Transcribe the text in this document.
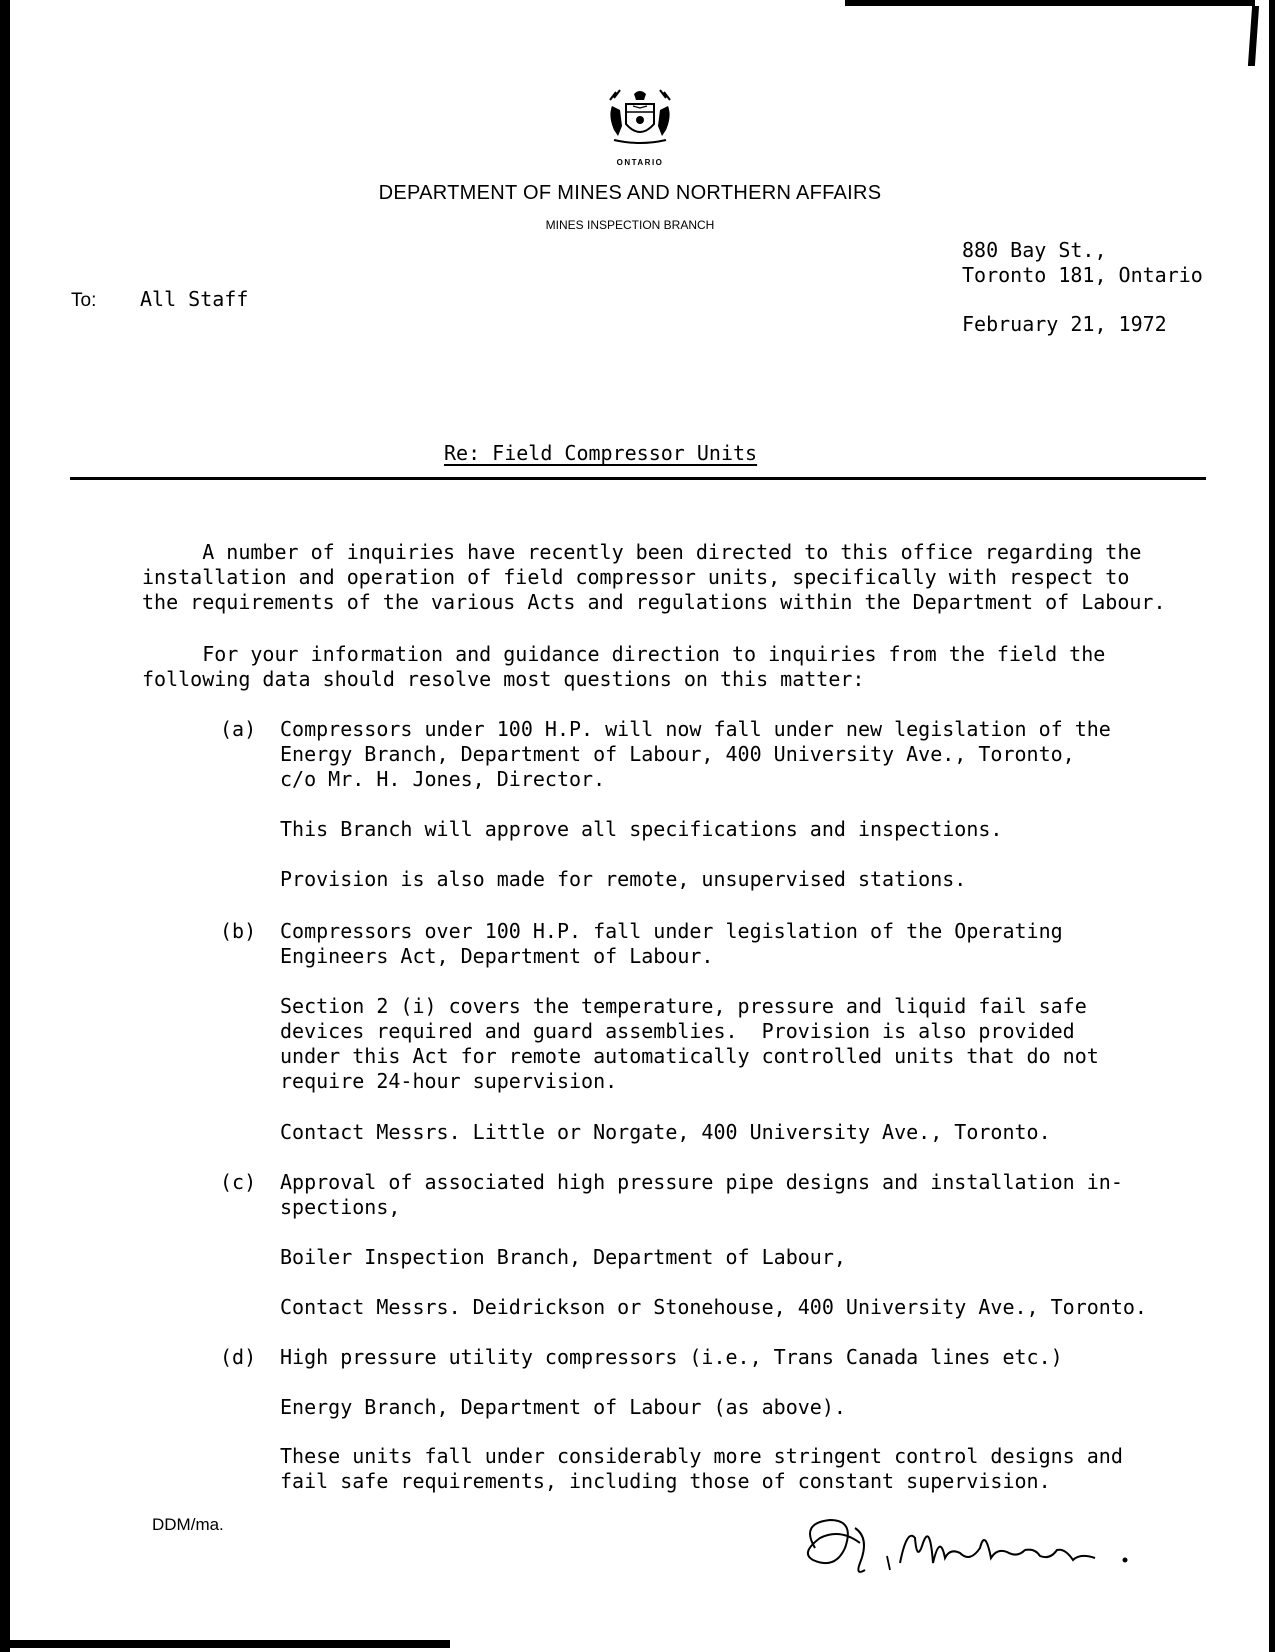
ONTARIO
DEPARTMENT OF MINES AND NORTHERN AFFAIRS
MINES INSPECTION BRANCH
880 Bay St.,
Toronto 181, Ontario
To: All Staff
February 21, 1972
Re: Field Compressor Units
A number of inquiries have recently been directed to this office regarding the
installation and operation of field compressor units, specifically with respect to
the requirements of the various Acts and regulations within the Department of Labour.
For your information and guidance direction to inquiries from the field the
following data should resolve most questions on this matter:
(a) Compressors under 100 H.P. will now fall under new legislation of the
Energy Branch, Department of Labour, 400 University Ave., Toronto,
c/o Mr. H. Jones, Director.
This Branch will approve all specifications and inspections.
Provision is also made for remote, unsupervised stations.
(b) Compressors over 100 H.P. fall under legislation of the Operating
Engineers Act, Department of Labour.
Section 2 (i) covers the temperature, pressure and liquid fail safe
devices required and guard assemblies.  Provision is also provided
under this Act for remote automatically controlled units that do not
require 24-hour supervision.
Contact Messrs. Little or Norgate, 400 University Ave., Toronto.
(c) Approval of associated high pressure pipe designs and installation in-
spections,
Boiler Inspection Branch, Department of Labour,
Contact Messrs. Deidrickson or Stonehouse, 400 University Ave., Toronto.
(d) High pressure utility compressors (i.e., Trans Canada lines etc.)
Energy Branch, Department of Labour (as above).
These units fall under considerably more stringent control designs and
fail safe requirements, including those of constant supervision.
DDM/ma.
